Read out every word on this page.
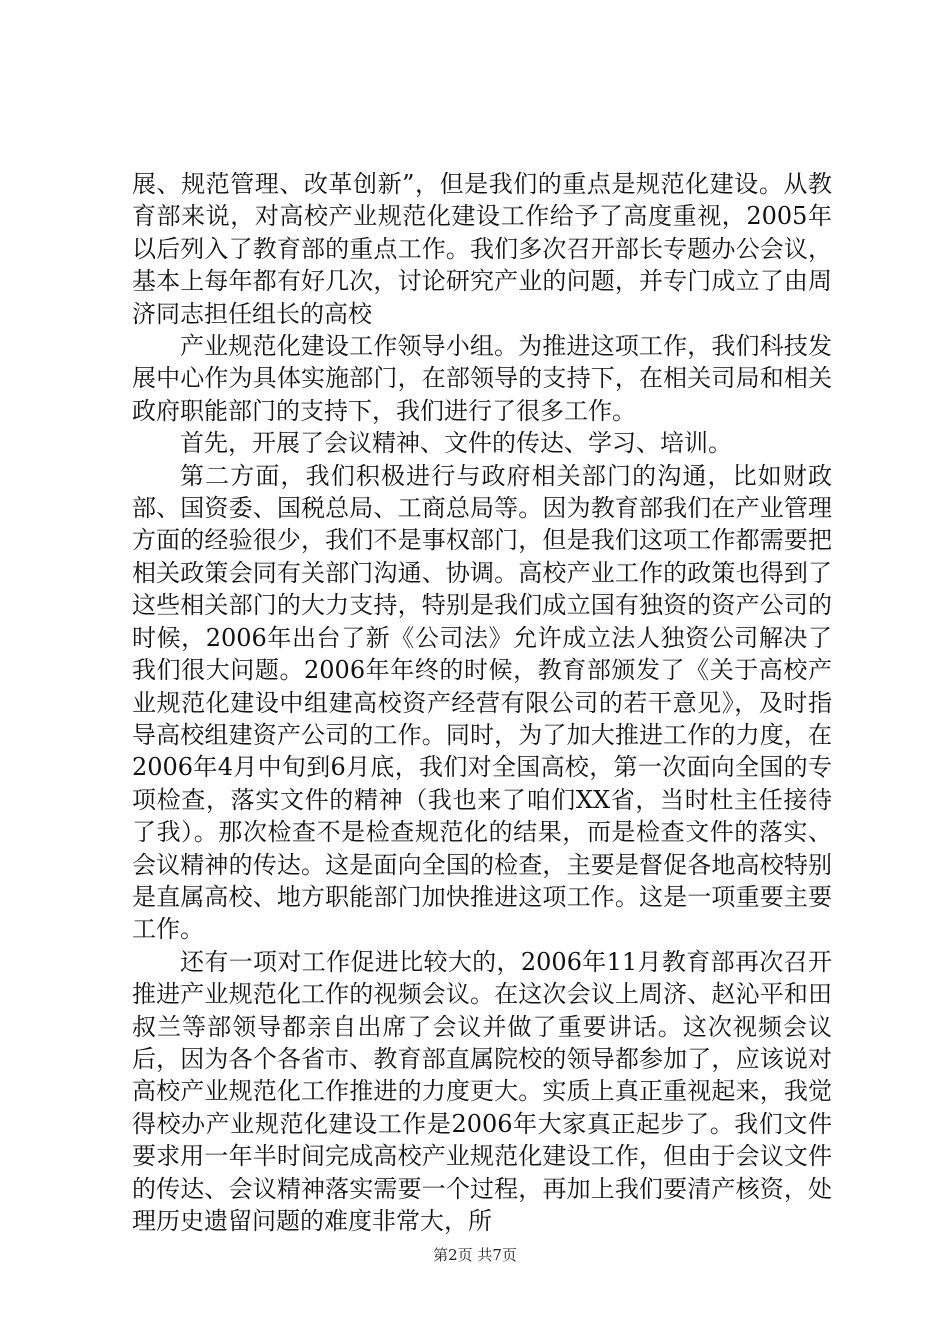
展、规范管理、改革创新”，但是我们的重点是规范化建设。从教育部来说，对高校产业规范化建设工作给予了高度重视，2005年以后列入了教育部的重点工作。我们多次召开部长专题办公会议，基本上每年都有好几次，讨论研究产业的问题，并专门成立了由周济同志担任组长的高校

产业规范化建设工作领导小组。为推进这项工作，我们科技发展中心作为具体实施部门，在部领导的支持下，在相关司局和相关政府职能部门的支持下，我们进行了很多工作。

首先，开展了会议精神、文件的传达、学习、培训。

第二方面，我们积极进行与政府相关部门的沟通，比如财政部、国资委、国税总局、工商总局等。因为教育部我们在产业管理方面的经验很少，我们不是事权部门，但是我们这项工作都需要把相关政策会同有关部门沟通、协调。高校产业工作的政策也得到了这些相关部门的大力支持，特别是我们成立国有独资的资产公司的时候，2006年出台了新《公司法》允许成立法人独资公司解决了我们很大问题。2006年年终的时候，教育部颁发了《关于高校产业规范化建设中组建高校资产经营有限公司的若干意见》，及时指导高校组建资产公司的工作。同时，为了加大推进工作的力度，在2006年4月中旬到6月底，我们对全国高校，第一次面向全国的专项检查，落实文件的精神（我也来了咱们XX省，当时杜主任接待了我）。那次检查不是检查规范化的结果，而是检查文件的落实、会议精神的传达。这是面向全国的检查，主要是督促各地高校特别是直属高校、地方职能部门加快推进这项工作。这是一项重要主要工作。

还有一项对工作促进比较大的，2006年11月教育部再次召开推进产业规范化工作的视频会议。在这次会议上周济、赵沁平和田叔兰等部领导都亲自出席了会议并做了重要讲话。这次视频会议后，因为各个各省市、教育部直属院校的领导都参加了，应该说对高校产业规范化工作推进的力度更大。实质上真正重视起来，我觉得校办产业规范化建设工作是2006年大家真正起步了。我们文件要求用一年半时间完成高校产业规范化建设工作，但由于会议文件的传达、会议精神落实需要一个过程，再加上我们要清产核资，处理历史遗留问题的难度非常大，所

第2页 共7页
